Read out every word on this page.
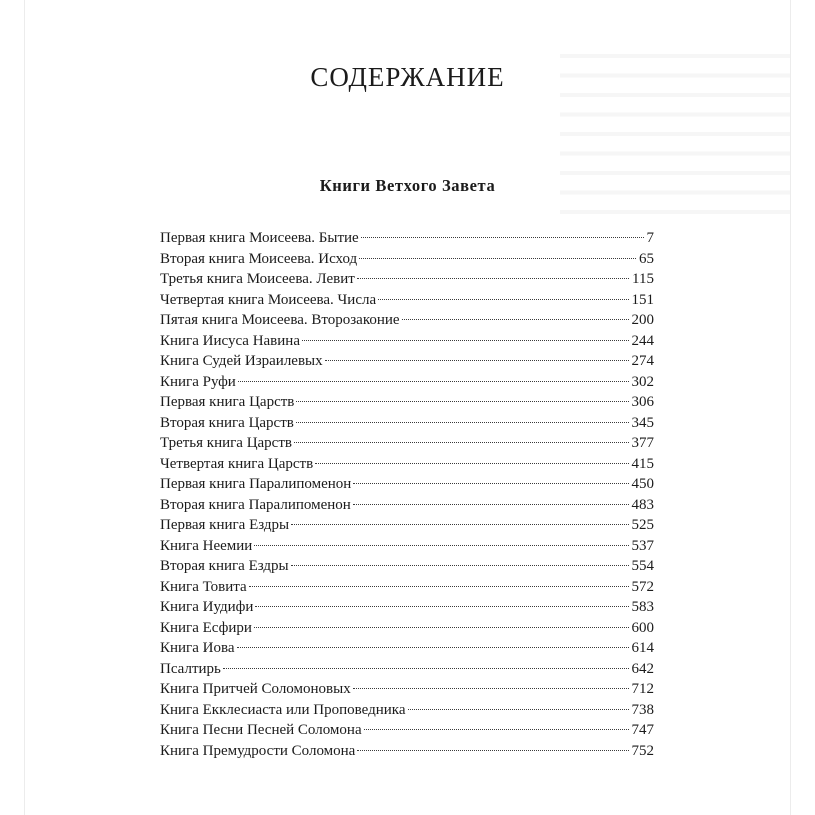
СОДЕРЖАНИЕ
Книги Ветхого Завета
Первая книга Моисеева. Бытие	7
Вторая книга Моисеева. Исход	65
Третья книга Моисеева. Левит	115
Четвертая книга Моисеева. Числа	151
Пятая книга Моисеева. Второзаконие	200
Книга Иисуса Навина	244
Книга Судей Израилевых	274
Книга Руфи	302
Первая книга Царств	306
Вторая книга Царств	345
Третья книга Царств	377
Четвертая книга Царств	415
Первая книга Паралипоменон	450
Вторая книга Паралипоменон	483
Первая книга Ездры	525
Книга Неемии	537
Вторая книга Ездры	554
Книга Товита	572
Книга Иудифи	583
Книга Есфири	600
Книга Иова	614
Псалтирь	642
Книга Притчей Соломоновых	712
Книга Екклесиаста или Проповедника	738
Книга Песни Песней Соломона	747
Книга Премудрости Соломона	752
